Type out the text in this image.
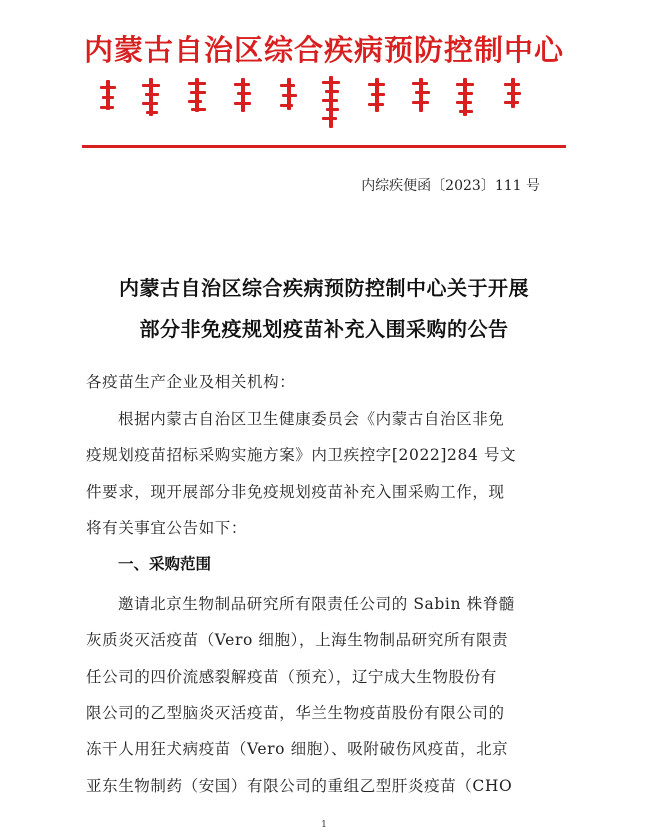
内蒙古自治区综合疾病预防控制中心
内综疾便函〔2023〕111 号
内蒙古自治区综合疾病预防控制中心关于开展
部分非免疫规划疫苗补充入围采购的公告
各疫苗生产企业及相关机构：
根据内蒙古自治区卫生健康委员会《内蒙古自治区非免
疫规划疫苗招标采购实施方案》内卫疾控字[2022]284 号文
件要求，现开展部分非免疫规划疫苗补充入围采购工作，现
将有关事宜公告如下：
一、采购范围
邀请北京生物制品研究所有限责任公司的 Sabin 株脊髓
灰质炎灭活疫苗（Vero 细胞），上海生物制品研究所有限责
任公司的四价流感裂解疫苗（预充），辽宁成大生物股份有
限公司的乙型脑炎灭活疫苗，华兰生物疫苗股份有限公司的
冻干人用狂犬病疫苗（Vero 细胞）、吸附破伤风疫苗，北京
亚东生物制药（安国）有限公司的重组乙型肝炎疫苗（CHO
1
